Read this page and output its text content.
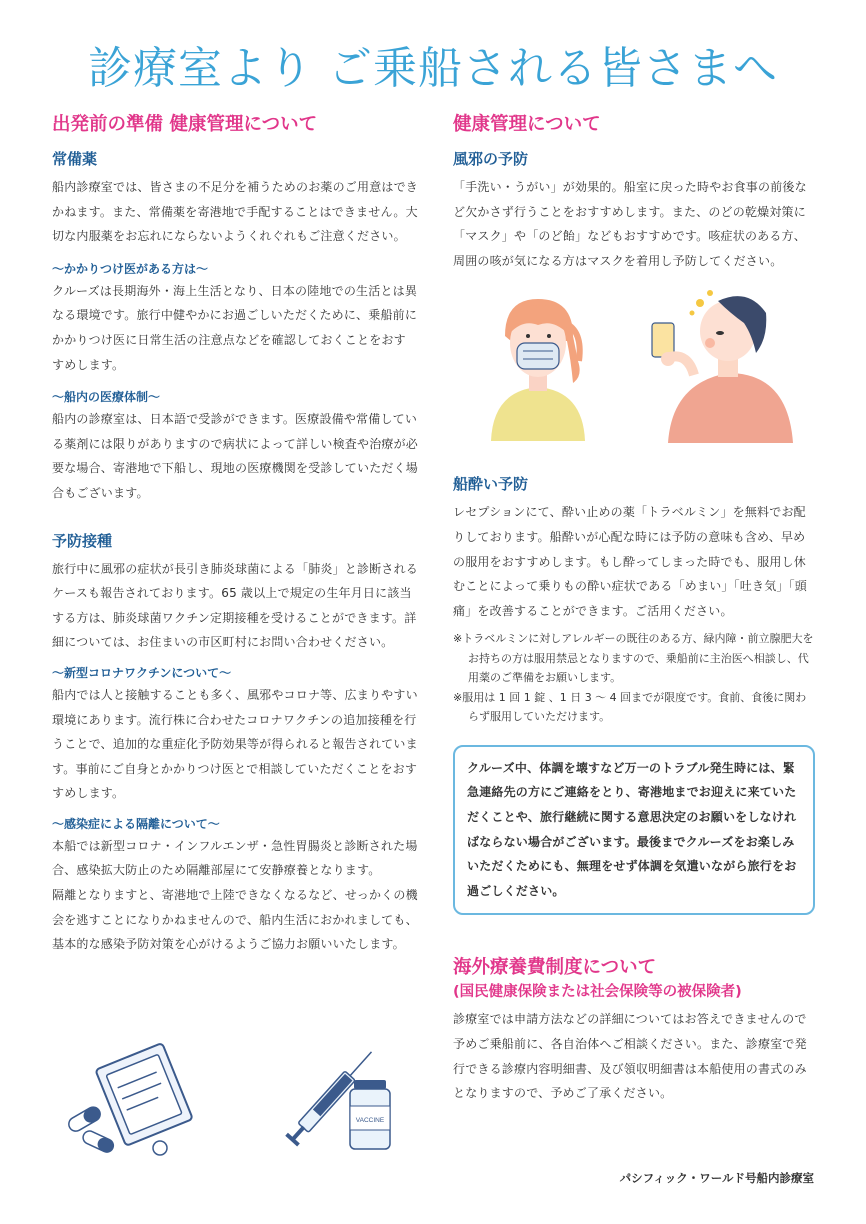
診療室より ご乗船される皆さまへ
出発前の準備 健康管理について
常備薬

船内診療室では、皆さまの不足分を補うためのお薬のご用意はできかねます。また、常備薬を寄港地で手配することはできません。大切な内服薬をお忘れにならないようくれぐれもご注意ください。

〜かかりつけ医がある方は〜

クルーズは長期海外・海上生活となり、日本の陸地での生活とは異なる環境です。旅行中健やかにお過ごしいただくために、乗船前にかかりつけ医に日常生活の注意点などを確認しておくことをおすすめします。

〜船内の医療体制〜

船内の診療室は、日本語で受診ができます。医療設備や常備している薬剤には限りがありますので病状によって詳しい検査や治療が必要な場合、寄港地で下船し、現地の医療機関を受診していただく場合もございます。

予防接種

旅行中に風邪の症状が長引き肺炎球菌による「肺炎」と診断されるケースも報告されております。65 歳以上で規定の生年月日に該当する方は、肺炎球菌ワクチン定期接種を受けることができます。詳細については、お住まいの市区町村にお問い合わせください。

〜新型コロナワクチンについて〜

船内では人と接触することも多く、風邪やコロナ等、広まりやすい環境にあります。流行株に合わせたコロナワクチンの追加接種を行うことで、追加的な重症化予防効果等が得られると報告されています。事前にご自身とかかりつけ医とで相談していただくことをおすすめします。

〜感染症による隔離について〜

本船では新型コロナ・インフルエンザ・急性胃腸炎と診断された場合、感染拡大防止のため隔離部屋にて安静療養となります。

隔離となりますと、寄港地で上陸できなくなるなど、せっかくの機会を逃すことになりかねませんので、船内生活におかれましても、基本的な感染予防対策を心がけるようご協力お願いいたします。

VACCINE
健康管理について
風邪の予防

「手洗い・うがい」が効果的。船室に戻った時やお食事の前後など欠かさず行うことをおすすめします。また、のどの乾燥対策に「マスク」や「のど飴」などもおすすめです。咳症状のある方、周囲の咳が気になる方はマスクを着用し予防してください。

船酔い予防

レセプションにて、酔い止めの薬「トラベルミン」を無料でお配りしております。船酔いが心配な時には予防の意味も含め、早めの服用をおすすめします。もし酔ってしまった時でも、服用し休むことによって乗りもの酔い症状である「めまい」「吐き気」「頭痛」を改善することができます。ご活用ください。

※トラベルミンに対しアレルギーの既往のある方、緑内障・前立腺肥大をお持ちの方は服用禁忌となりますので、乗船前に主治医へ相談し、代用薬のご準備をお願いします。

※服用は 1 回 1 錠 、1 日 3 〜 4 回までが限度です。食前、食後に関わらず服用していただけます。

クルーズ中、体調を壊すなど万一のトラブル発生時には、緊急連絡先の方にご連絡をとり、寄港地までお迎えに来ていただくことや、旅行継続に関する意思決定のお願いをしなければならない場合がございます。最後までクルーズをお楽しみいただくためにも、無理をせず体調を気遣いながら旅行をお過ごしください。
海外療養費制度について
(国民健康保険または社会保険等の被保険者)

診療室では申請方法などの詳細についてはお答えできませんので予めご乗船前に、各自治体へご相談ください。また、診療室で発行できる診療内容明細書、及び領収明細書は本船使用の書式のみとなりますので、予めご了承ください。

パシフィック・ワールド号船内診療室
